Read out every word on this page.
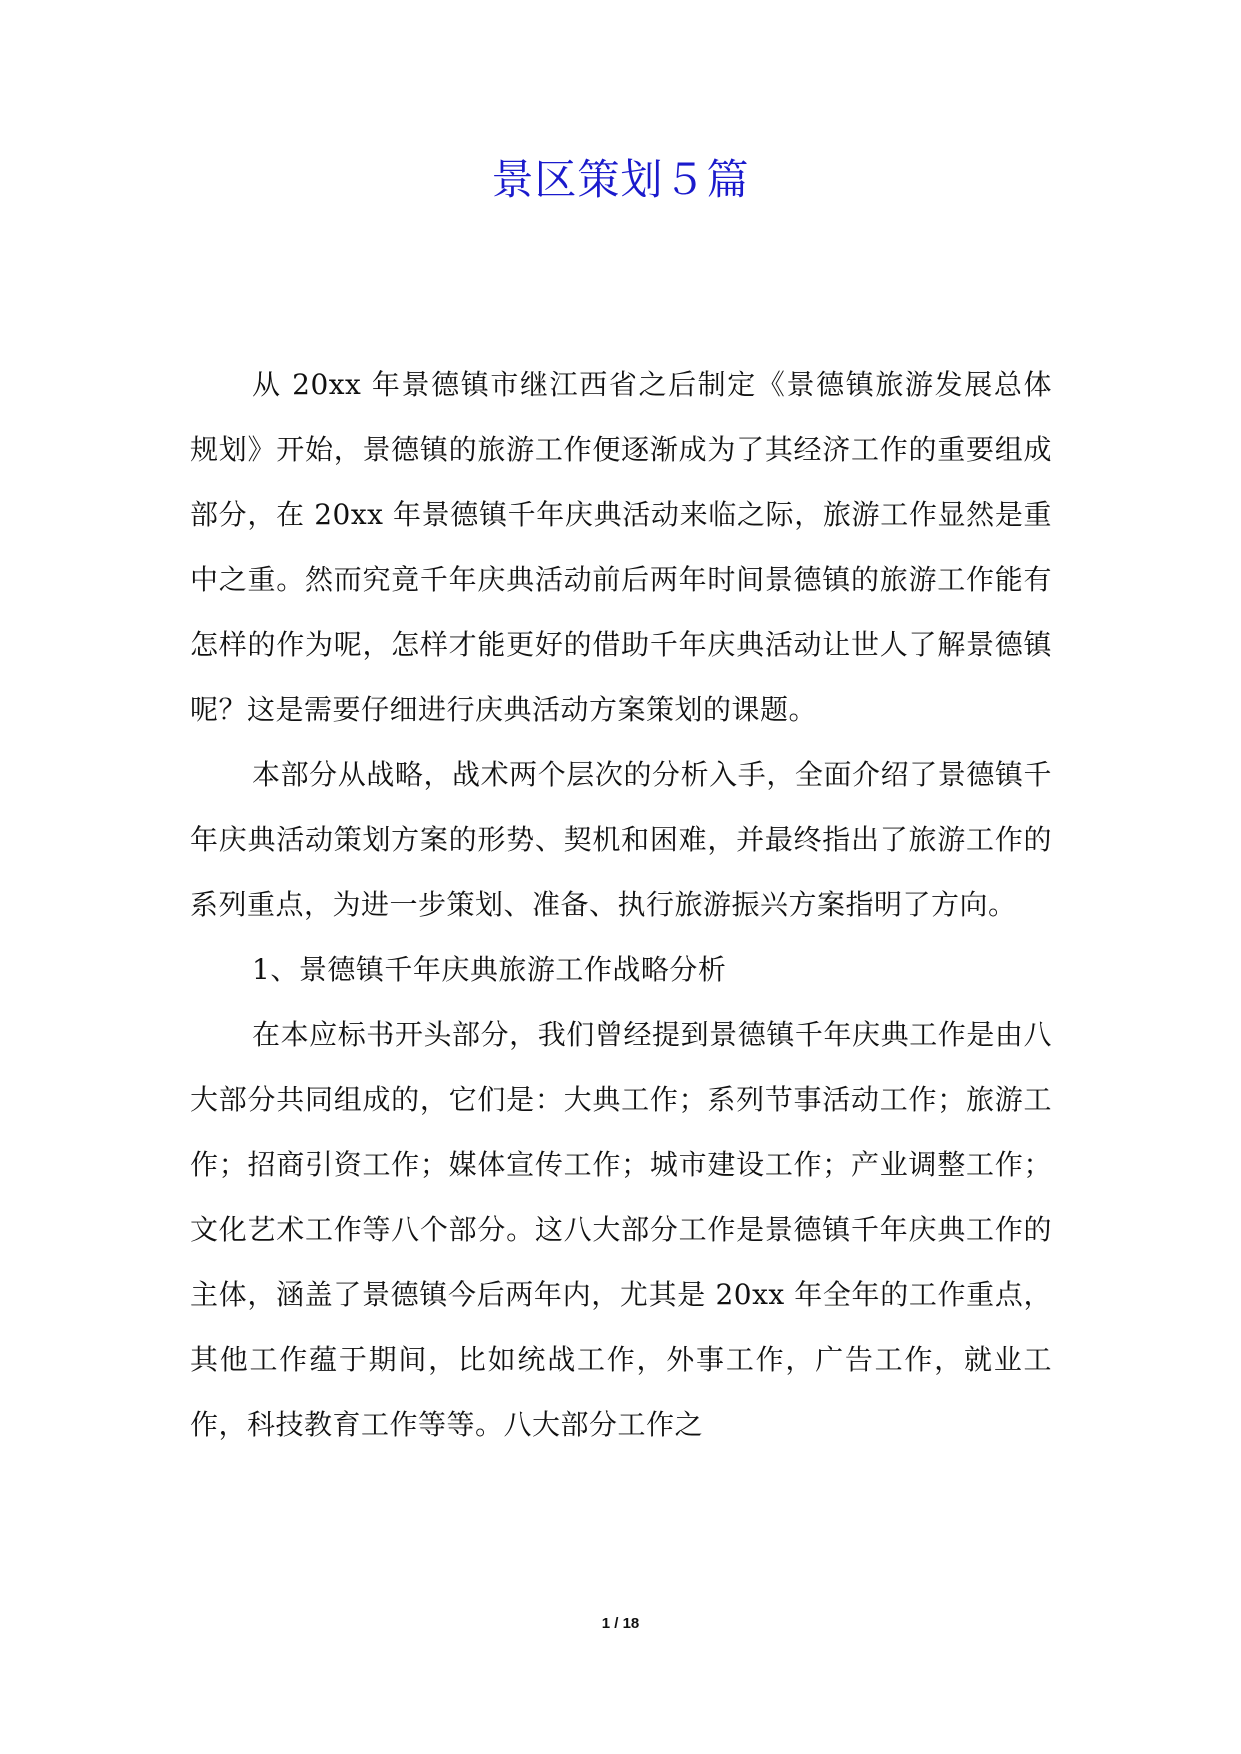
景区策划５篇

从 20xx 年景德镇市继江西省之后制定《景德镇旅游发展总体规划》开始，景德镇的旅游工作便逐渐成为了其经济工作的重要组成部分，在 20xx 年景德镇千年庆典活动来临之际，旅游工作显然是重中之重。然而究竟千年庆典活动前后两年时间景德镇的旅游工作能有怎样的作为呢，怎样才能更好的借助千年庆典活动让世人了解景德镇呢？这是需要仔细进行庆典活动方案策划的课题。

本部分从战略，战术两个层次的分析入手，全面介绍了景德镇千年庆典活动策划方案的形势、契机和困难，并最终指出了旅游工作的系列重点，为进一步策划、准备、执行旅游振兴方案指明了方向。

1、景德镇千年庆典旅游工作战略分析

在本应标书开头部分，我们曾经提到景德镇千年庆典工作是由八大部分共同组成的，它们是：大典工作；系列节事活动工作；旅游工作；招商引资工作；媒体宣传工作；城市建设工作；产业调整工作；文化艺术工作等八个部分。这八大部分工作是景德镇千年庆典工作的主体，涵盖了景德镇今后两年内，尤其是 20xx 年全年的工作重点，其他工作蕴于期间，比如统战工作，外事工作，广告工作，就业工作，科技教育工作等等。八大部分工作之

1 / 18
